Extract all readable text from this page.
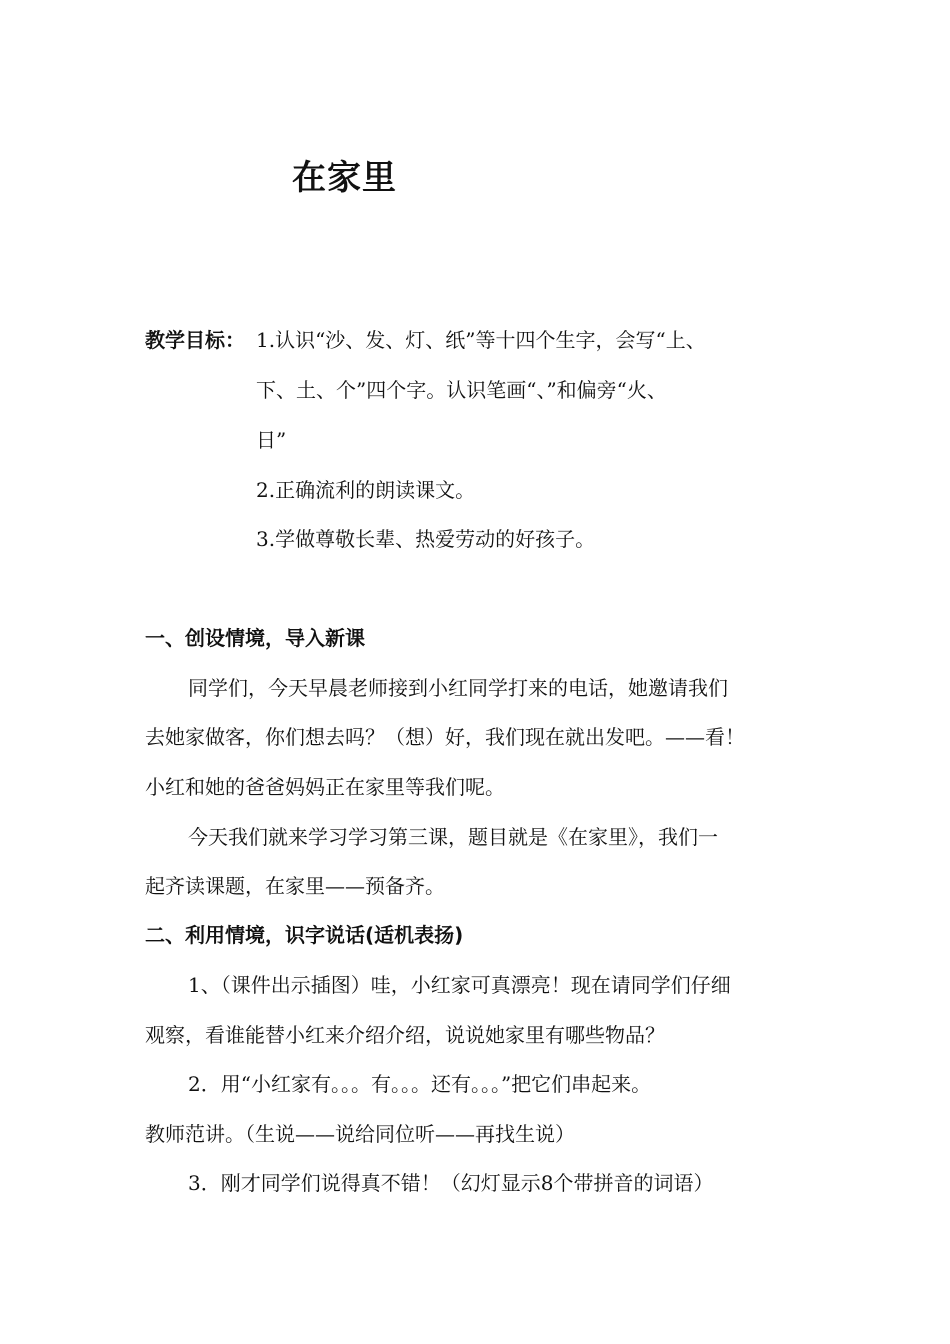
在家里
教学目标： 1.认识“沙、发、灯、纸”等十四个生字，会写“上、
下、土、个”四个字。认识笔画“、”和偏旁“火、
日”
2.正确流利的朗读课文。
3.学做尊敬长辈、热爱劳动的好孩子。
一、创设情境，导入新课
同学们，今天早晨老师接到小红同学打来的电话，她邀请我们
去她家做客，你们想去吗？（想）好，我们现在就出发吧。——看！
小红和她的爸爸妈妈正在家里等我们呢。
今天我们就来学习学习第三课，题目就是《在家里》，我们一
起齐读课题，在家里——预备齐。
二、利用情境，识字说话(适机表扬)
1、（课件出示插图）哇，小红家可真漂亮！现在请同学们仔细
观察，看谁能替小红来介绍介绍，说说她家里有哪些物品？
2．用“小红家有。。。有。。。还有。。。”把它们串起来。
教师范讲。（生说——说给同位听——再找生说）
3．刚才同学们说得真不错！（幻灯显示8个带拼音的词语）
